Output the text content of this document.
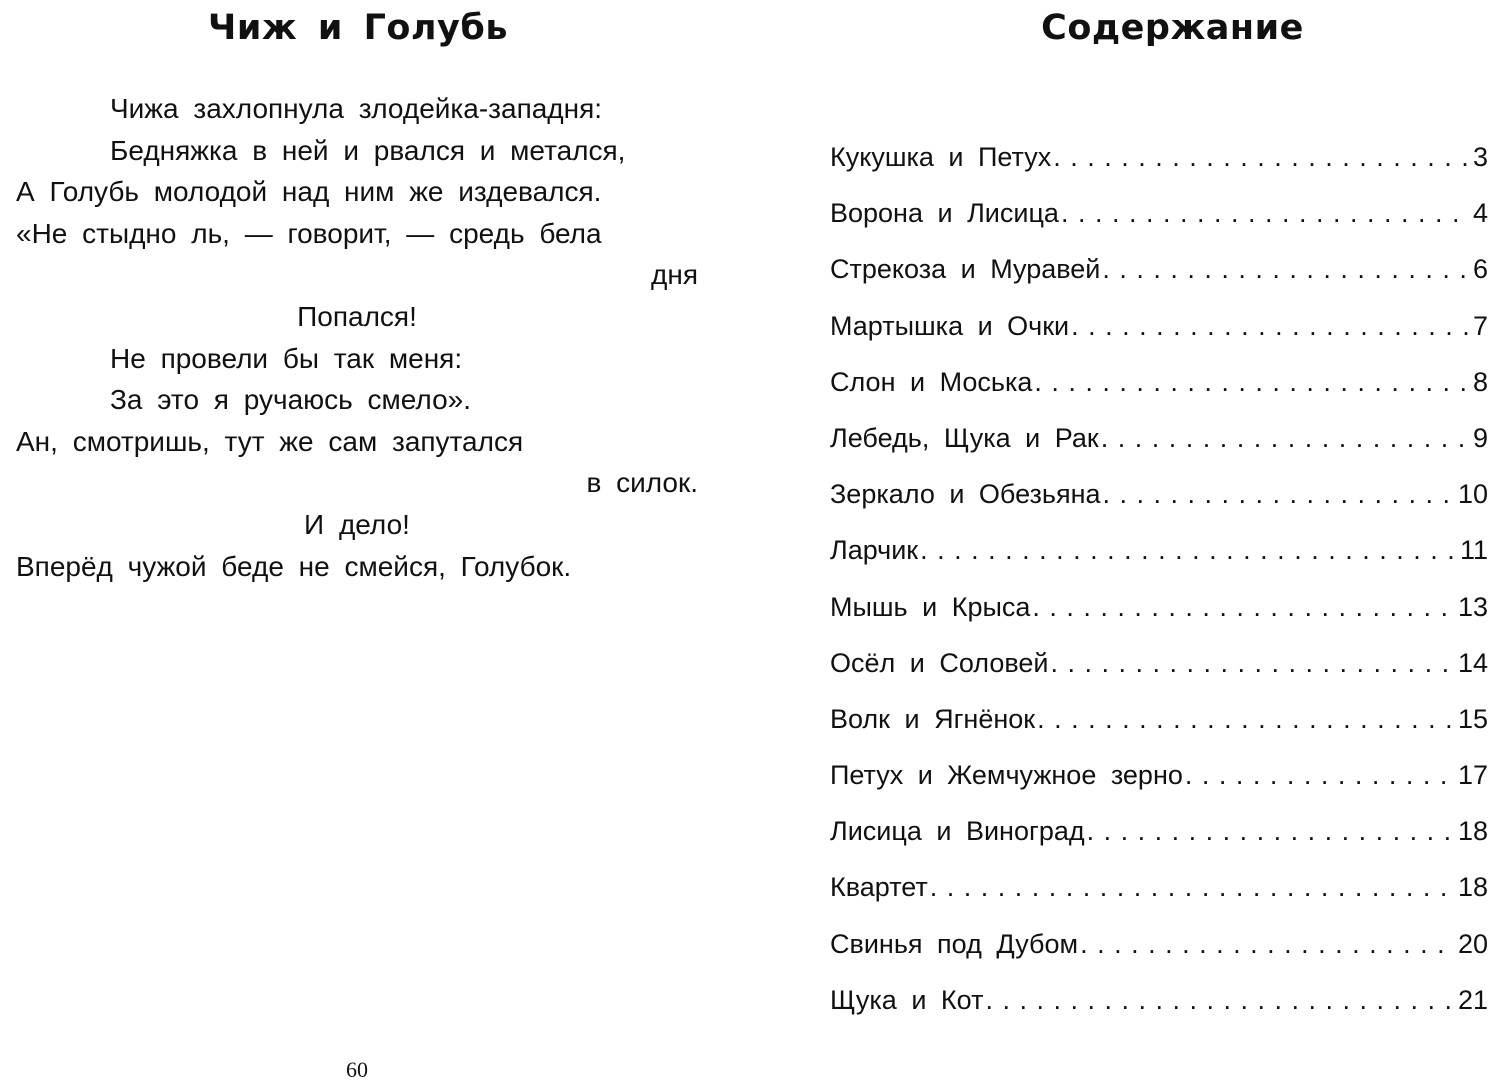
Чиж и Голубь
Чижа захлопнула злодейка-западня:
Бедняжка в ней и рвался и метался,
А Голубь молодой над ним же издевался.
«Не стыдно ль, — говорит, — средь бела
дня
Попался!
Не провели бы так меня:
За это я ручаюсь смело».
Ан, смотришь, тут же сам запутался
в силок.
И дело!
Вперёд чужой беде не смейся, Голубок.
60
Содержание
Кукушка и Петух . . .	3
Ворона и Лисица . . .	4
Стрекоза и Муравей . . .	6
Мартышка и Очки . . .	7
Слон и Моська . . .	8
Лебедь, Щука и Рак . . .	9
Зеркало и Обезьяна . . .	10
Ларчик . . .	11
Мышь и Крыса . . .	13
Осёл и Соловей . . .	14
Волк и Ягнёнок . . .	15
Петух и Жемчужное зерно . . .	17
Лисица и Виноград . . .	18
Квартет . . .	18
Свинья под Дубом . . .	20
Щука и Кот . . .	21
